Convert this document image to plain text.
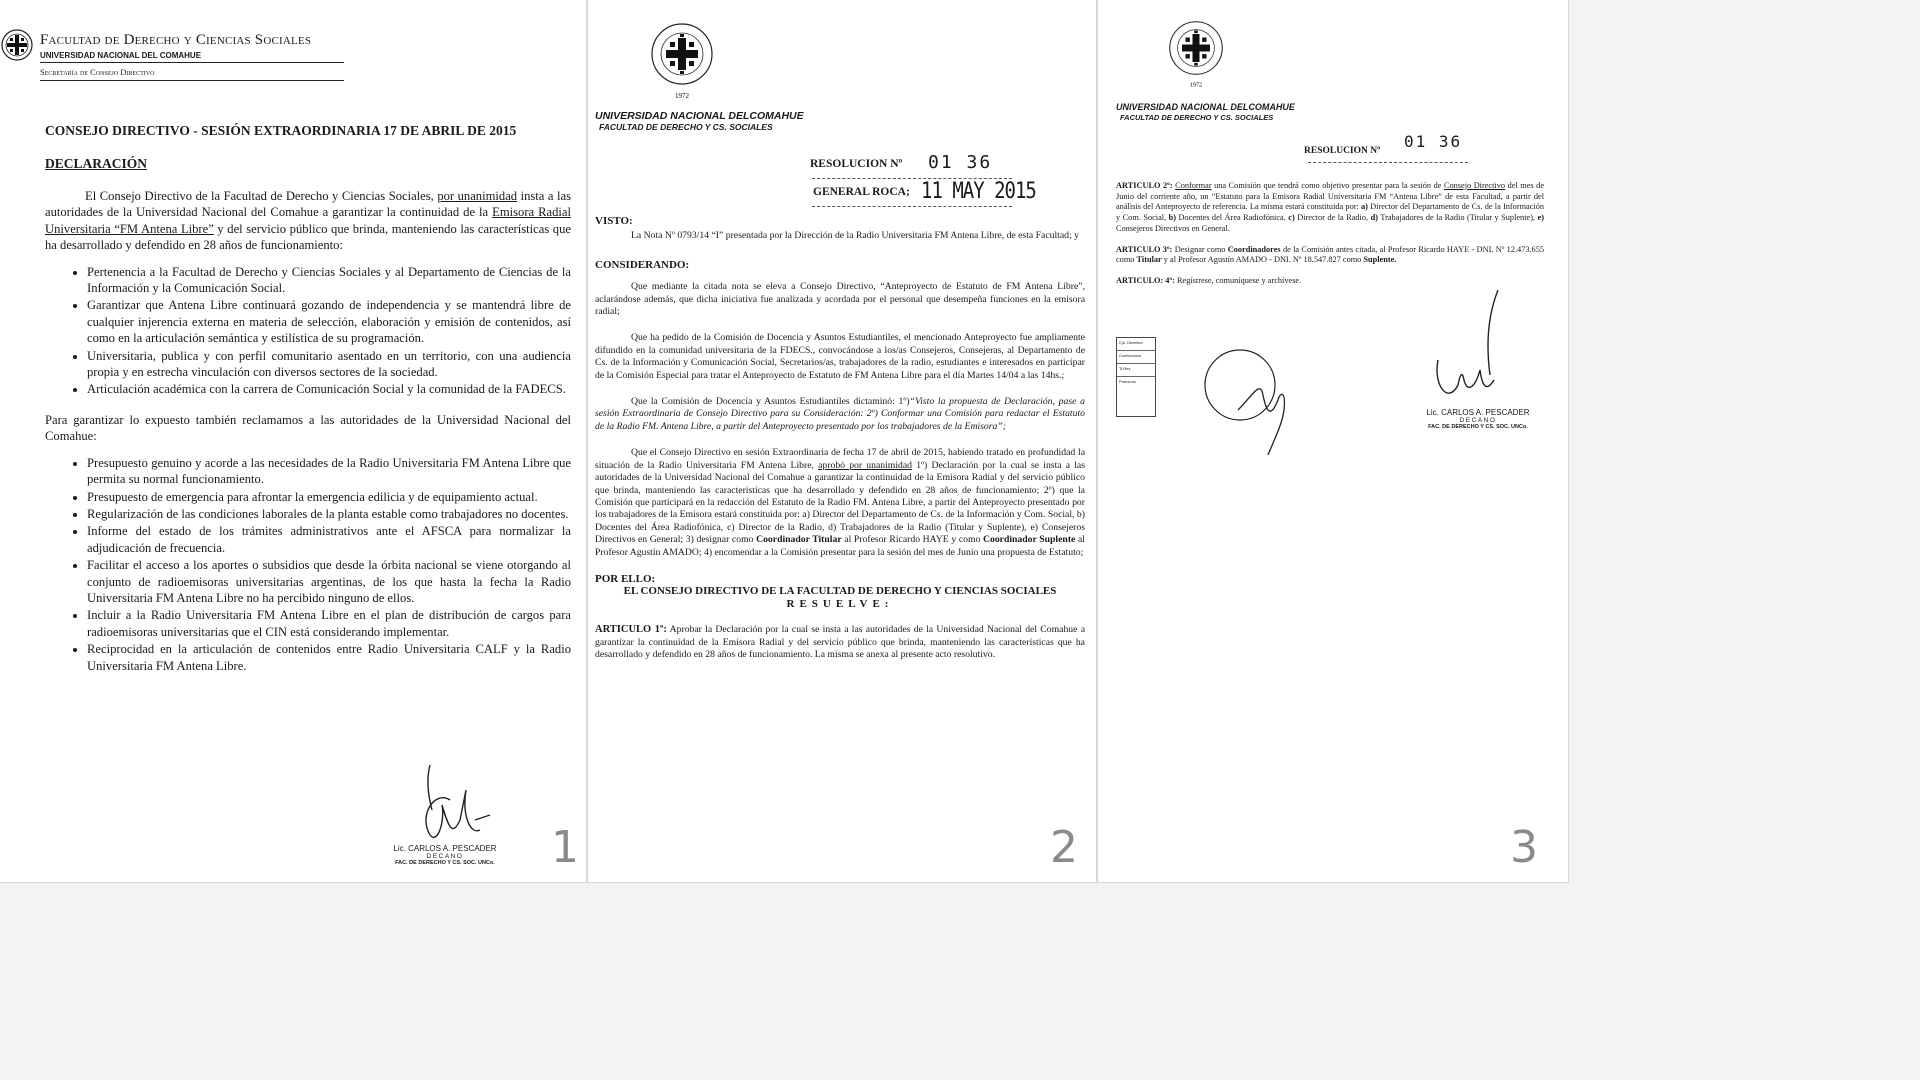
Facultad de Derecho y Ciencias Sociales
UNIVERSIDAD NACIONAL DEL COMAHUE
Secretaría de Consejo Directivo
CONSEJO DIRECTIVO - SESIÓN EXTRAORDINARIA 17 DE ABRIL DE 2015
DECLARACIÓN

El Consejo Directivo de la Facultad de Derecho y Ciencias Sociales, por unanimidad insta a las autoridades de la Universidad Nacional del Comahue a garantizar la continuidad de la Emisora Radial Universitaria “FM Antena Libre” y del servicio público que brinda, manteniendo las características que ha desarrollado y defendido en 28 años de funcionamiento:

• Pertenencia a la Facultad de Derecho y Ciencias Sociales y al Departamento de Ciencias de la Información y la Comunicación Social.
• Garantizar que Antena Libre continuará gozando de independencia y se mantendrá libre de cualquier injerencia externa en materia de selección, elaboración y emisión de contenidos, así como en la articulación semántica y estilística de su programación.
• Universitaria, publica y con perfil comunitario asentado en un territorio, con una audiencia propia y en estrecha vinculación con diversos sectores de la sociedad.
• Articulación académica con la carrera de Comunicación Social y la comunidad de la FADECS.

Para garantizar lo expuesto también reclamamos a las autoridades de la Universidad Nacional del Comahue:

• Presupuesto genuino y acorde a las necesidades de la Radio Universitaria FM Antena Libre que permita su normal funcionamiento.
• Presupuesto de emergencia para afrontar la emergencia edilicia y de equipamiento actual.
• Regularización de las condiciones laborales de la planta estable como trabajadores no docentes.
• Informe del estado de los trámites administrativos ante el AFSCA para normalizar la adjudicación de frecuencia.
• Facilitar el acceso a los aportes o subsidios que desde la órbita nacional se viene otorgando al conjunto de radioemisoras universitarias argentinas, de los que hasta la fecha la Radio Universitaria FM Antena Libre no ha percibido ninguno de ellos.
• Incluir a la Radio Universitaria FM Antena Libre en el plan de distribución de cargos para radioemisoras universitarias que el CIN está considerando implementar.
• Reciprocidad en la articulación de contenidos entre Radio Universitaria CALF y la Radio Universitaria FM Antena Libre.
Lic. CARLOS A. PESCADER
DECANO
FAC. DE DERECHO Y CS. SOC. UNCo.	1
1972
UNIVERSIDAD NACIONAL DELCOMAHUE
FACULTAD DE DERECHO Y CS. SOCIALES
RESOLUCION Nº 01 36
GENERAL ROCA; 11 MAY 2015

VISTO:

La Nota Nº 0793/14 “I” presentada por la Dirección de la Radio Universitaria FM Antena Libre, de esta Facultad; y

CONSIDERANDO:

Que mediante la citada nota se eleva a Consejo Directivo, “Anteproyecto de Estatuto de FM Antena Libre”, aclarándose además, que dicha iniciativa fue analizada y acordada por el personal que desempeña funciones en la emisora radial;

Que ha pedido de la Comisión de Docencia y Asuntos Estudiantiles, el mencionado Anteproyecto fue ampliamente difundido en la comunidad universitaria de la FDECS., convocándose a los/as Consejeros, Consejeras, al Departamento de Cs. de la Información y Comunicación Social, Secretarios/as, trabajadores de la radio, estudiantes e interesados en participar de la Comisión Especial para tratar el Anteproyecto de Estatuto de FM Antena Libre para el día Martes 14/04 a las 14hs.;

Que la Comisión de Docencia y Asuntos Estudiantiles dictaminó: 1º)“Visto la propuesta de Declaración, pase a sesión Extraordinaria de Consejo Directivo para su Consideración: 2º) Conformar una Comisión para redactar el Estatuto de la Radio FM. Antena Libre, a partir del Anteproyecto presentado por los trabajadores de la Emisora”;

Que el Consejo Directivo en sesión Extraordinaria de fecha 17 de abril de 2015, habiendo tratado en profundidad la situación de la Radio Universitaria FM Antena Libre, aprobó por unanimidad 1º) Declaración por la cual se insta a las autoridades de la Universidad Nacional del Comahue a garantizar la continuidad de la Emisora Radial y del servicio público que brinda, manteniendo las características que ha desarrollado y defendido en 28 años de funcionamiento; 2º) que la Comisión que participará en la redacción del Estatuto de la Radio FM. Antena Libre, a partir del Anteproyecto presentado por los trabajadores de la Emisora estará constituida por: a) Director del Departamento de Cs. de la Información y Com. Social, b) Docentes del Área Radiofónica, c) Director de la Radio, d) Trabajadores de la Radio (Titular y Suplente), e) Consejeros Directivos en General; 3) designar como Coordinador Titular al Profesor Ricardo HAYE y como Coordinador Suplente al Profesor Agustín AMADO; 4) encomendar a la Comisión presentar para la sesión del mes de Junio una propuesta de Estatuto;

POR ELLO:

EL CONSEJO DIRECTIVO DE LA FACULTAD DE DERECHO Y CIENCIAS SOCIALES

RESUELVE:

ARTICULO 1º: Aprobar la Declaración por la cual se insta a las autoridades de la Universidad Nacional del Comahue a garantizar la continuidad de la Emisora Radial y del servicio público que brinda, manteniendo las características que ha desarrollado y defendido en 28 años de funcionamiento. La misma se anexa al presente acto resolutivo.

2
1972
UNIVERSIDAD NACIONAL DELCOMAHUE
FACULTAD DE DERECHO Y CS. SOCIALES
RESOLUCION Nº 01 36

ARTICULO 2º: Conformar una Comisión que tendrá como objetivo presentar para la sesión de Consejo Directivo del mes de Junio del corriente año, un “Estatuto para la Emisora Radial Universitaria FM “Antena Libre” de esta Facultad, a partir del análisis del Anteproyecto de referencia. La misma estará constituida por: a) Director del Departamento de Cs. de la Información y Com. Social, b) Docentes del Área Radiofónica, c) Director de la Radio, d) Trabajadores de la Radio (Titular y Suplente), e) Consejeros Directivos en General.

ARTICULO 3º: Designar como Coordinadores de la Comisión antes citada, al Profesor Ricardo HAYE - DNI. Nº 12.473.655 como Titular y al Profesor Agustín AMADO - DNI. Nº 18.547.827 como Suplente.

ARTICULO: 4º: Regístrese, comuníquese y archívese.

Cjo. Directivo
Confeccionó
Ti.Res
Protocolo
Lic. CARLOS A. PESCADER
DECANO
FAC. DE DERECHO Y CS. SOC. UNCo.
3
